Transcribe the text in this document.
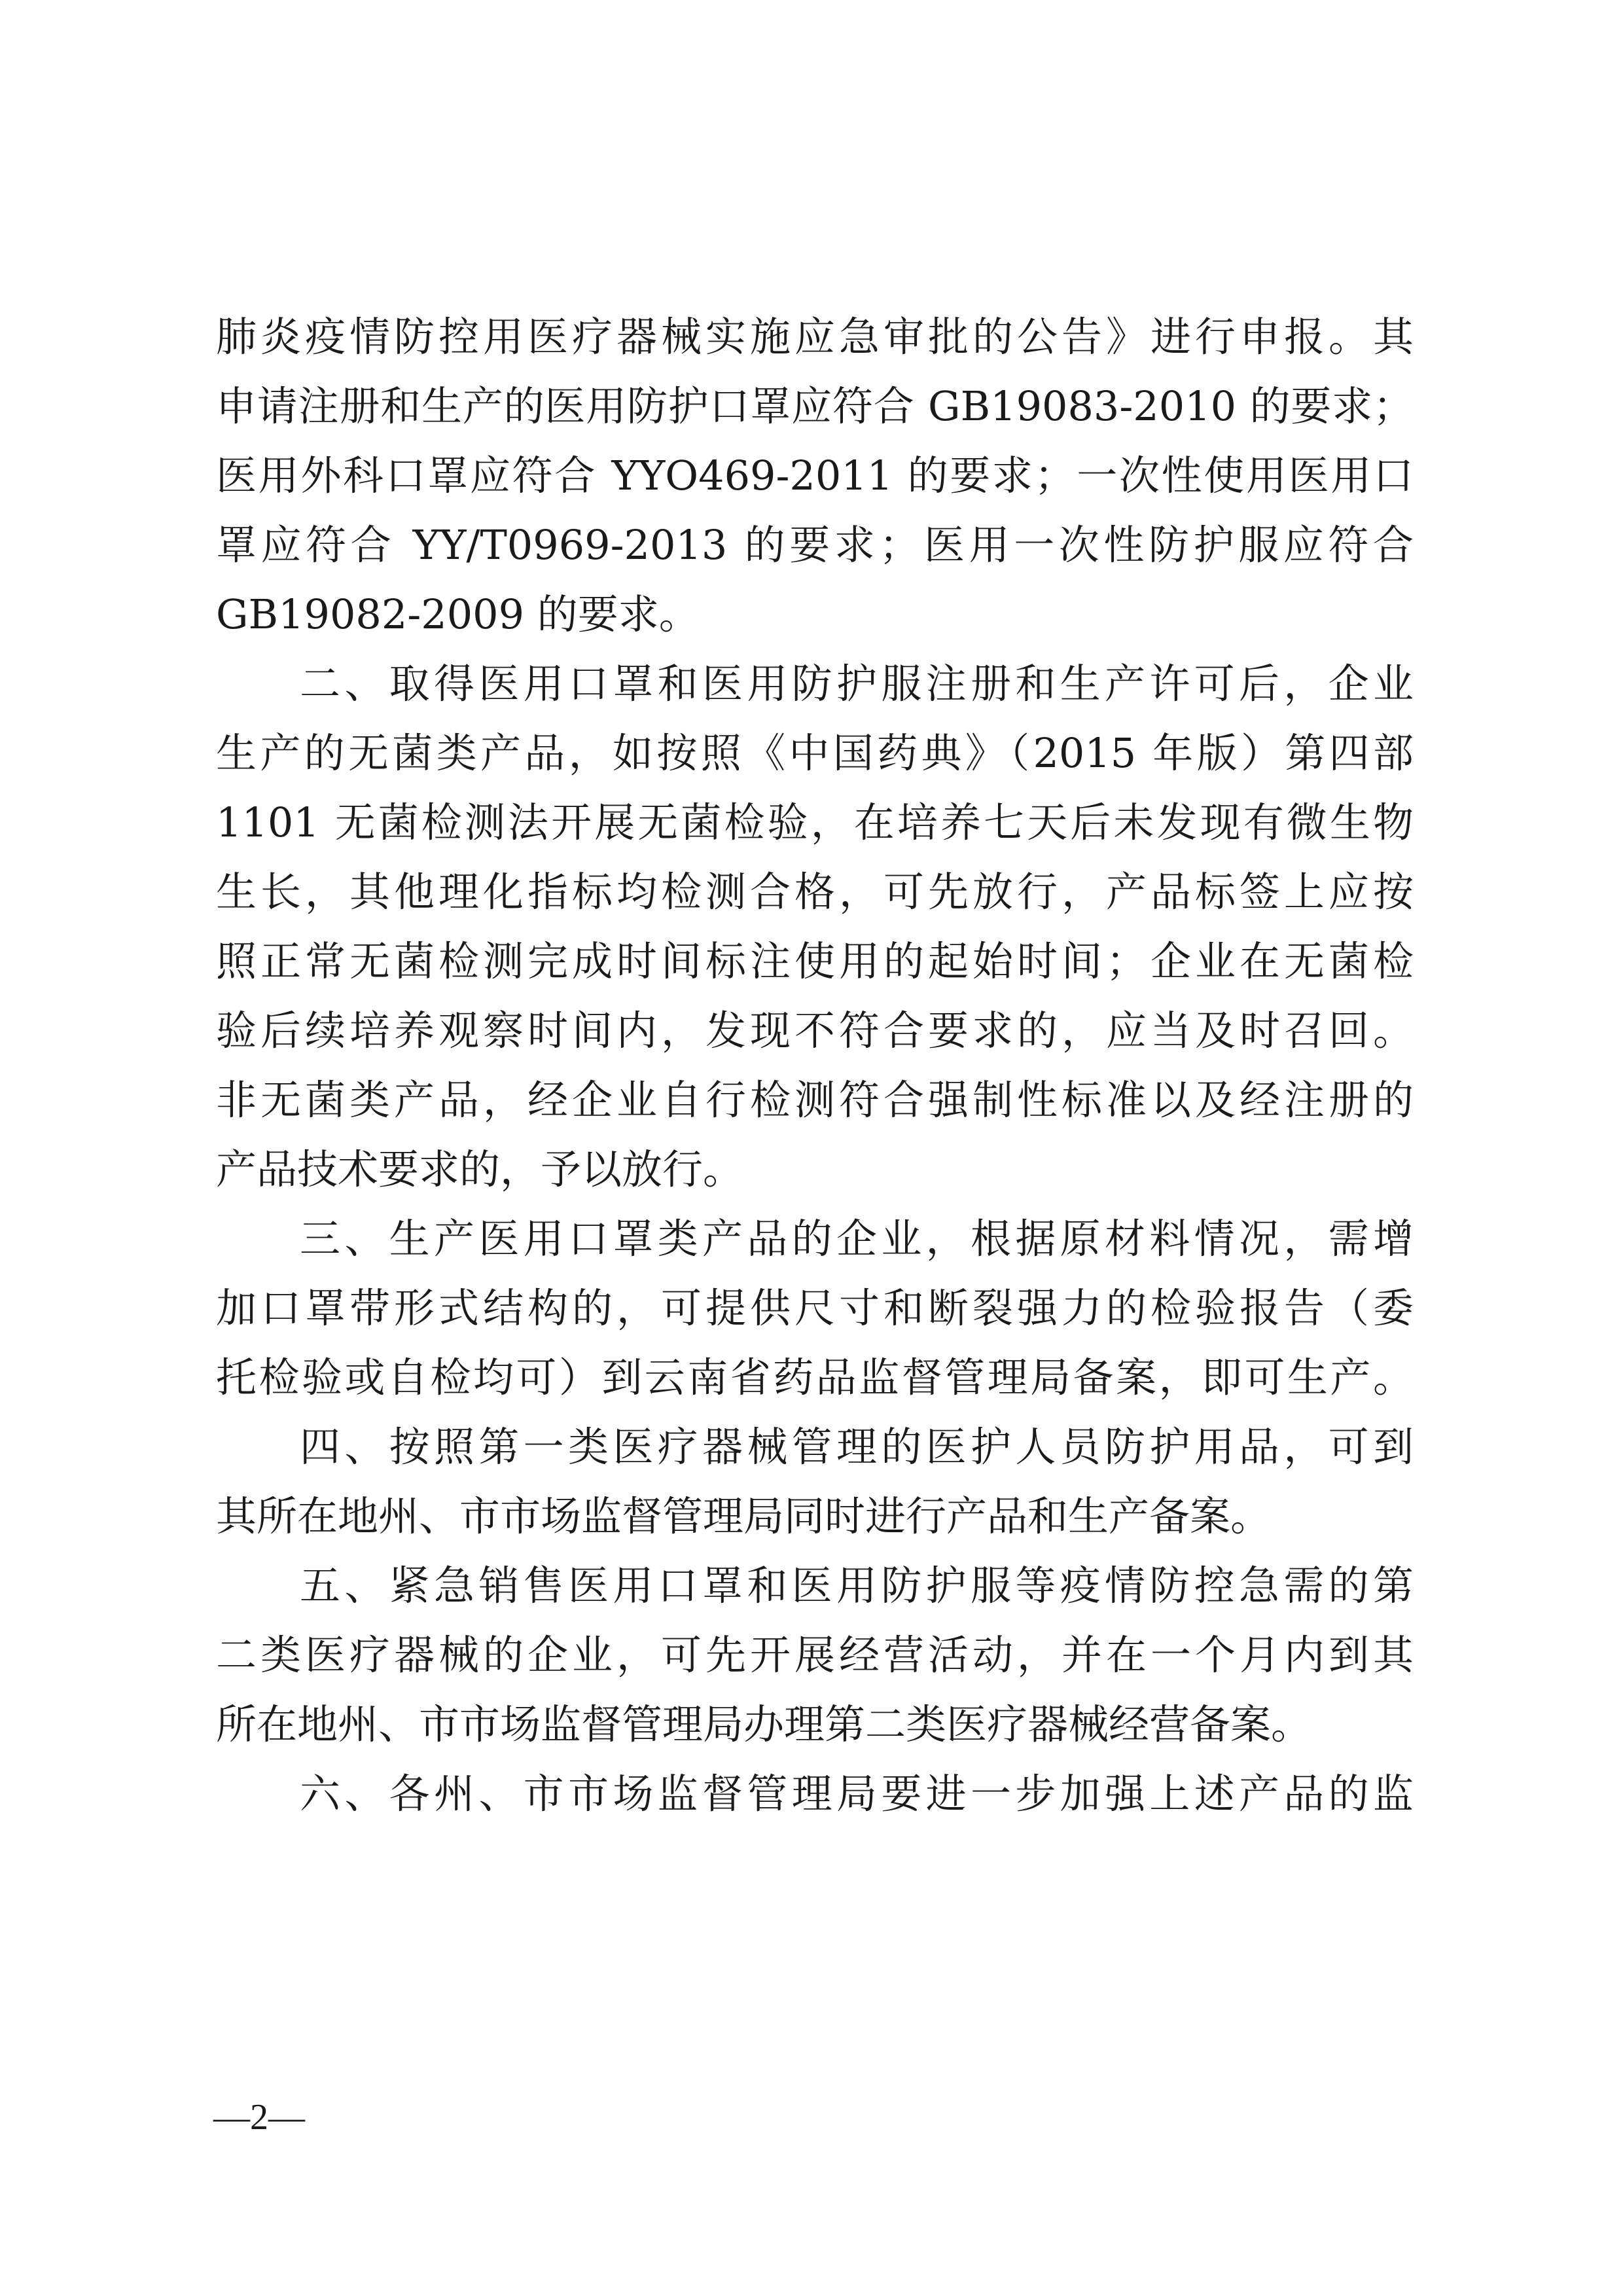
肺炎疫情防控用医疗器械实施应急审批的公告》进行申报。其
申请注册和生产的医用防护口罩应符合 GB19083-2010 的要求；
医用外科口罩应符合 YYO469-2011 的要求；一次性使用医用口
罩应符合 YY/T0969-2013 的要求；医用一次性防护服应符合
GB19082-2009 的要求。
二、取得医用口罩和医用防护服注册和生产许可后，企业
生产的无菌类产品，如按照《中国药典》（2015 年版）第四部
1101 无菌检测法开展无菌检验，在培养七天后未发现有微生物
生长，其他理化指标均检测合格，可先放行，产品标签上应按
照正常无菌检测完成时间标注使用的起始时间；企业在无菌检
验后续培养观察时间内，发现不符合要求的，应当及时召回。
非无菌类产品，经企业自行检测符合强制性标准以及经注册的
产品技术要求的，予以放行。
三、生产医用口罩类产品的企业，根据原材料情况，需增
加口罩带形式结构的，可提供尺寸和断裂强力的检验报告（委
托检验或自检均可）到云南省药品监督管理局备案，即可生产。
四、按照第一类医疗器械管理的医护人员防护用品，可到
其所在地州、市市场监督管理局同时进行产品和生产备案。
五、紧急销售医用口罩和医用防护服等疫情防控急需的第
二类医疗器械的企业，可先开展经营活动，并在一个月内到其
所在地州、市市场监督管理局办理第二类医疗器械经营备案。
六、各州、市市场监督管理局要进一步加强上述产品的监
—2—
